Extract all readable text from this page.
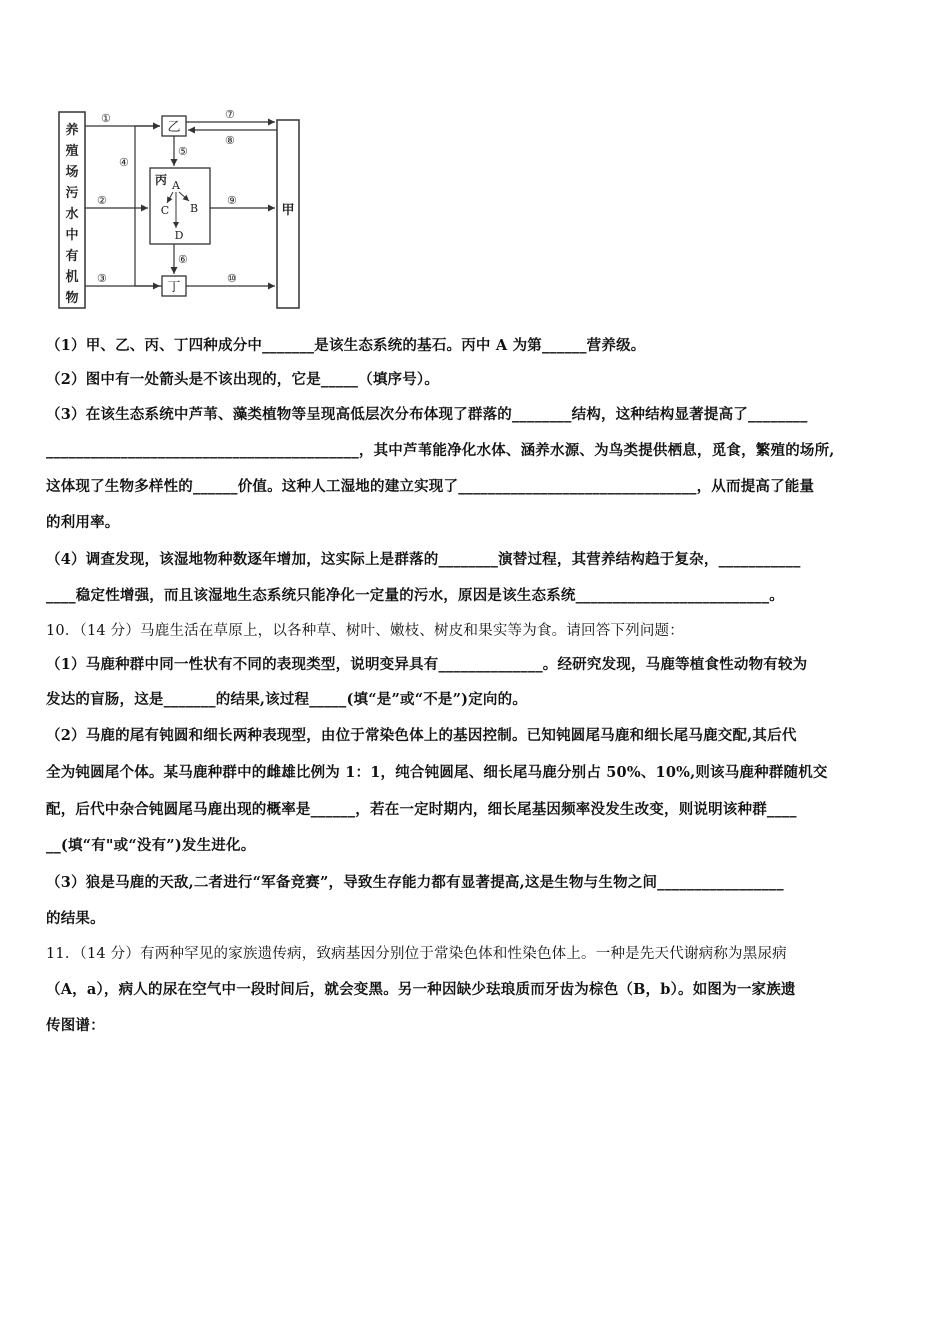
养
殖
场
污
水
中
有
机
物
甲
乙
丁
丙 A
C B
D
①
②
③
④
⑤
⑥
⑦
⑧
⑨
⑩
（1）甲、乙、丙、丁四种成分中_______是该生态系统的基石。丙中 A 为第______营养级。
（2）图中有一处箭头是不该出现的，它是_____（填序号）。
（3）在该生态系统中芦苇、藻类植物等呈现高低层次分布体现了群落的________结构，这种结构显著提高了________
__________________________________________，其中芦苇能净化水体、涵养水源、为鸟类提供栖息，觅食，繁殖的场所,
这体现了生物多样性的______价值。这种人工湿地的建立实现了________________________________，从而提高了能量
的利用率。
（4）调查发现，该湿地物种数逐年增加，这实际上是群落的________演替过程，其营养结构趋于复杂，___________
____稳定性增强，而且该湿地生态系统只能净化一定量的污水，原因是该生态系统__________________________。
10．（14 分）马鹿生活在草原上，以各种草、树叶、嫩枝、树皮和果实等为食。请回答下列问题：
（1）马鹿种群中同一性状有不同的表现类型，说明变异具有______________。经研究发现，马鹿等植食性动物有较为
发达的盲肠，这是_______的结果,该过程_____(填“是”或“不是”)定向的。
（2）马鹿的尾有钝圆和细长两种表现型，由位于常染色体上的基因控制。已知钝圆尾马鹿和细长尾马鹿交配,其后代
全为钝圆尾个体。某马鹿种群中的雌雄比例为 1：1，纯合钝圆尾、细长尾马鹿分别占 50%、10%,则该马鹿种群随机交
配，后代中杂合钝圆尾马鹿出现的概率是______，若在一定时期内，细长尾基因频率没发生改变，则说明该种群____
__(填“有"或“没有”)发生进化。
（3）狼是马鹿的天敌,二者进行“军备竞赛”，导致生存能力都有显著提高,这是生物与生物之间_________________
的结果。
11．（14 分）有两种罕见的家族遗传病，致病基因分别位于常染色体和性染色体上。一种是先天代谢病称为黑尿病
（A，a），病人的尿在空气中一段时间后，就会变黑。另一种因缺少珐琅质而牙齿为棕色（B，b）。如图为一家族遗
传图谱：
